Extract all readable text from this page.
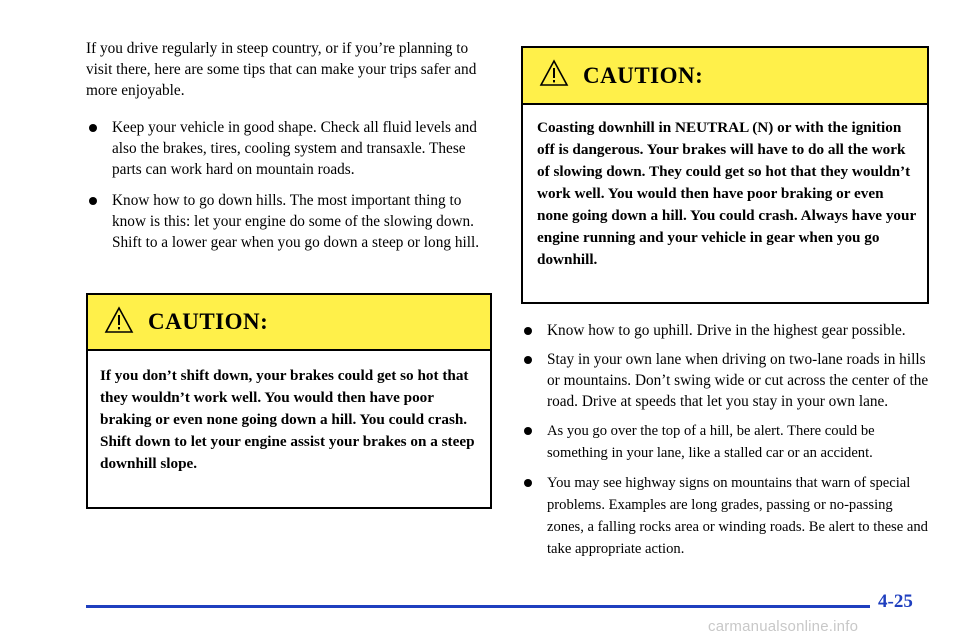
If you drive regularly in steep country, or if you’re planning to visit there, here are some tips that can make your trips safer and more enjoyable.

Keep your vehicle in good shape. Check all fluid levels and also the brakes, tires, cooling system and transaxle. These parts can work hard on mountain roads.
Know how to go down hills. The most important thing to know is this: let your engine do some of the slowing down. Shift to a lower gear when you go down a steep or long hill.
CAUTION:
If you don’t shift down, your brakes could get so hot that they wouldn’t work well. You would then have poor braking or even none going down a hill. You could crash. Shift down to let your engine assist your brakes on a steep downhill slope.
CAUTION:
Coasting downhill in NEUTRAL (N) or with the ignition off is dangerous. Your brakes will have to do all the work of slowing down. They could get so hot that they wouldn’t work well. You would then have poor braking or even none going down a hill. You could crash. Always have your engine running and your vehicle in gear when you go downhill.
Know how to go uphill. Drive in the highest gear possible.
Stay in your own lane when driving on two-lane roads in hills or mountains. Don’t swing wide or cut across the center of the road. Drive at speeds that let you stay in your own lane.
As you go over the top of a hill, be alert. There could be something in your lane, like a stalled car or an accident.
You may see highway signs on mountains that warn of special problems. Examples are long grades, passing or no-passing zones, a falling rocks area or winding roads. Be alert to these and take appropriate action.
4-25
carmanualsonline.info
